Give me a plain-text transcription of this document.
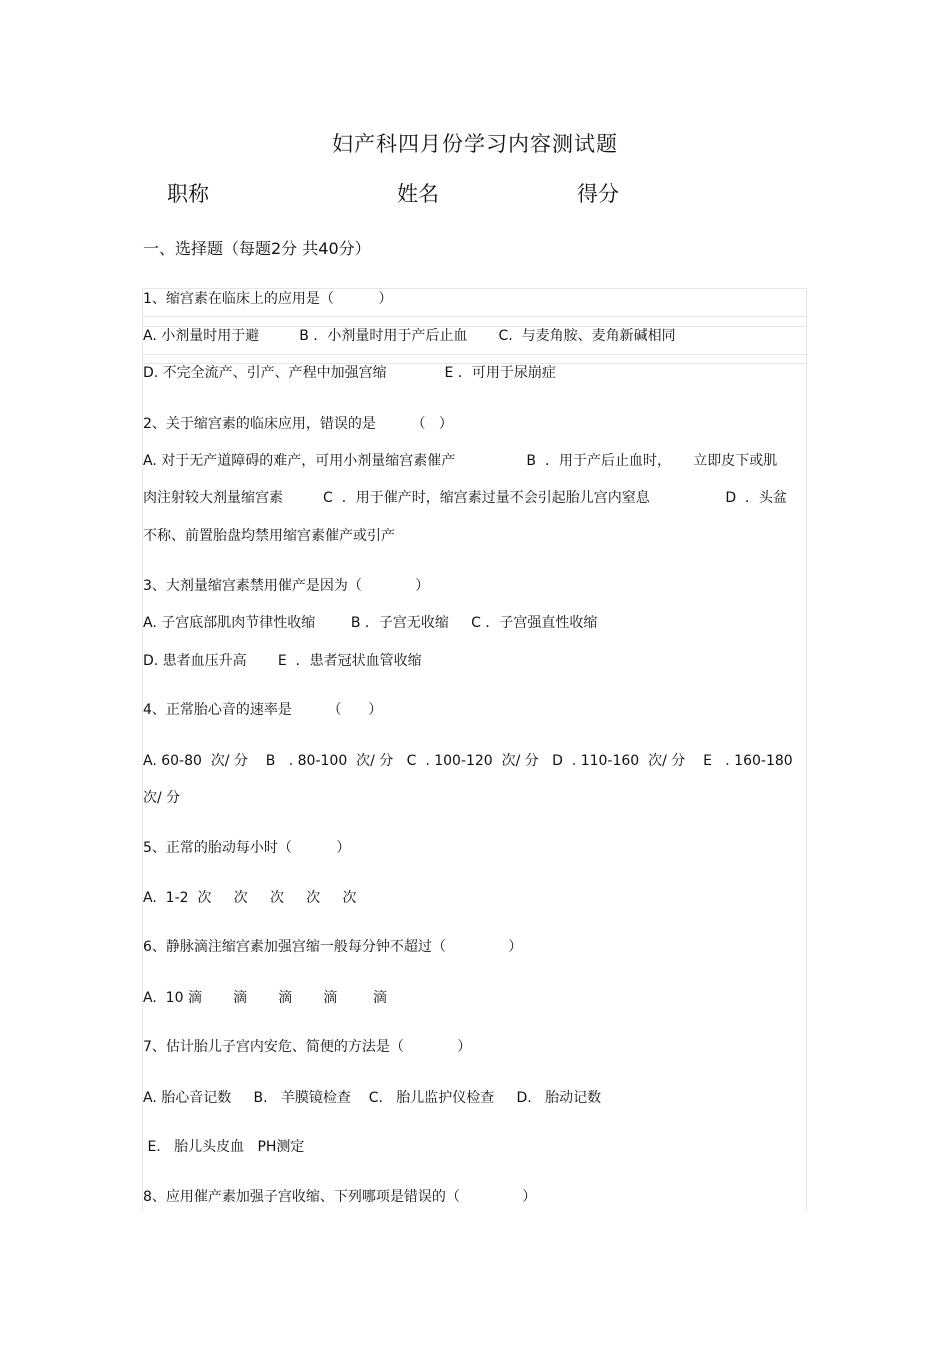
妇产科四月份学习内容测试题
职称	姓名	得分
一、选择题（每题2分 共40分）
1、缩宫素在临床上的应用是（          ）
A. 小剂量时用于避         B ．小剂量时用于产后止血       C.  与麦角胺、麦角新碱相同
D. 不完全流产、引产、产程中加强宫缩             E ．可用于尿崩症
2、关于缩宫素的临床应用，错误的是        （   ）
A. 对于无产道障碍的难产，可用小剂量缩宫素催产                B  ．用于产后止血时，     立即皮下或肌
肉注射较大剂量缩宫素         C  ．用于催产时，缩宫素过量不会引起胎儿宫内窒息                 D  ．头盆
不称、前置胎盘均禁用缩宫素催产或引产
3、大剂量缩宫素禁用催产是因为（            ）
A. 子宫底部肌肉节律性收缩        B ．子宫无收缩     C ．子宫强直性收缩
D. 患者血压升高       E  ．患者冠状血管收缩
4、正常胎心音的速率是        （      ）
A. 60-80  次/ 分    B   . 80-100  次/ 分   C  . 100-120  次/ 分   D  . 110-160  次/ 分    E   . 160-180
次/ 分
5、正常的胎动每小时（          ）
A.  1-2  次     次     次     次     次
6、静脉滴注缩宫素加强宫缩一般每分钟不超过（              ）
A.  10 滴       滴       滴       滴        滴
7、估计胎儿子宫内安危、简便的方法是（            ）
A. 胎心音记数     B.   羊膜镜检查    C.   胎儿监护仪检查     D.   胎动记数
E.   胎儿头皮血   PH测定
8、应用催产素加强子宫收缩、下列哪项是错误的（              ）
